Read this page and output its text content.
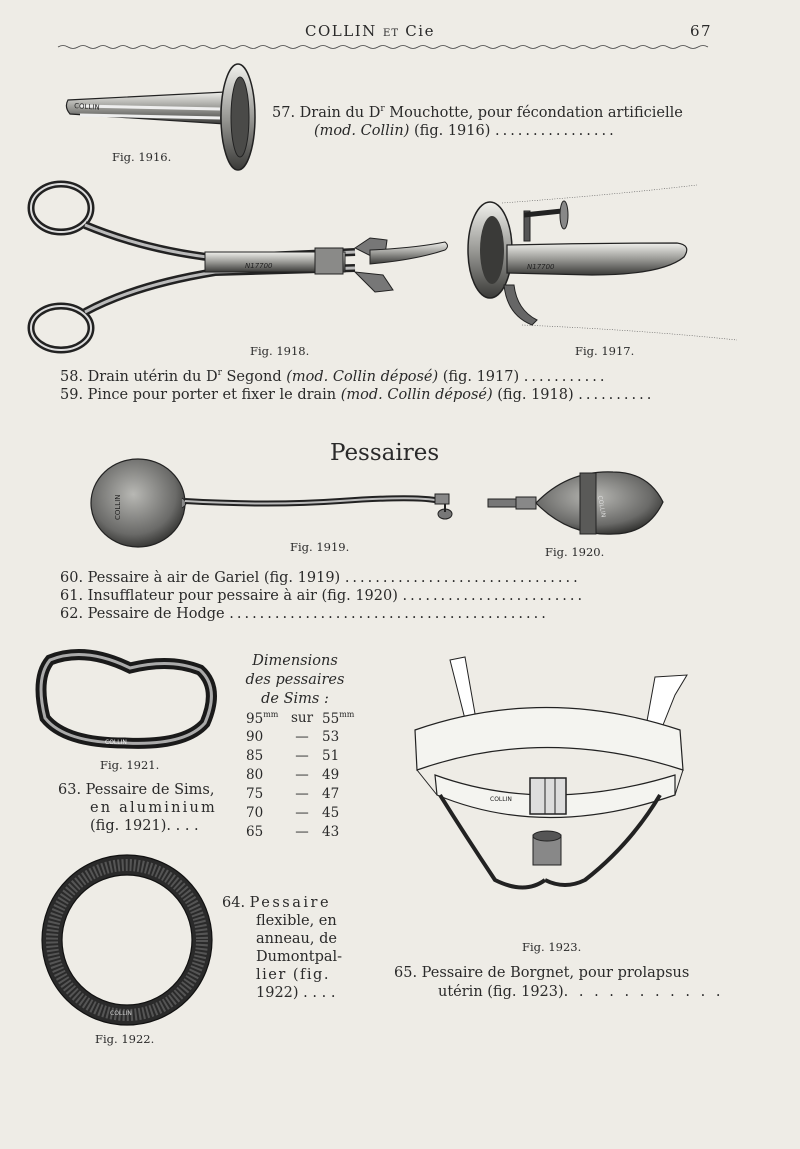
COLLIN ET Cie	67
COLLIN
Fig. 1916.
57. Drain du $D^r$ Mouchotte, pour fécondation artificielle
(mod. Collin) (fig. 1916) ................
N17700
Fig. 1918.
N17700
Fig. 1917.
58. Drain utérin du $D^r$ Segond (mod. Collin déposé) (fig. 1917) ...........
59. Pince pour porter et fixer le drain (mod. Collin déposé) (fig. 1918) ..........
Pessaires
COLLIN
Fig. 1919.
COLLIN
Fig. 1920.
60. Pessaire à air de Gariel (fig. 1919) ...............................
61. Insufflateur pour pessaire à air (fig. 1920) ........................
62. Pessaire de Hodge ..........................................
COLLIN
Fig. 1921.
63. Pessaire de Sims,
en aluminium
(fig. 1921). . . .
Dimensions
des pessaires
de Sims :
$95^{mm}$ sur $55^{mm}$
90	— 53
85	— 51
80	— 49
75	— 47
70	— 45
65	— 43
COLLIN
Fig. 1922.
64. Pessaire
flexible, en
anneau, de
Dumontpal-
lier (fig.
1922) . . . .
COLLIN
Fig. 1923.
65. Pessaire de Borgnet, pour prolapsus
utérin (fig. 1923). . . . . . . . . . .
